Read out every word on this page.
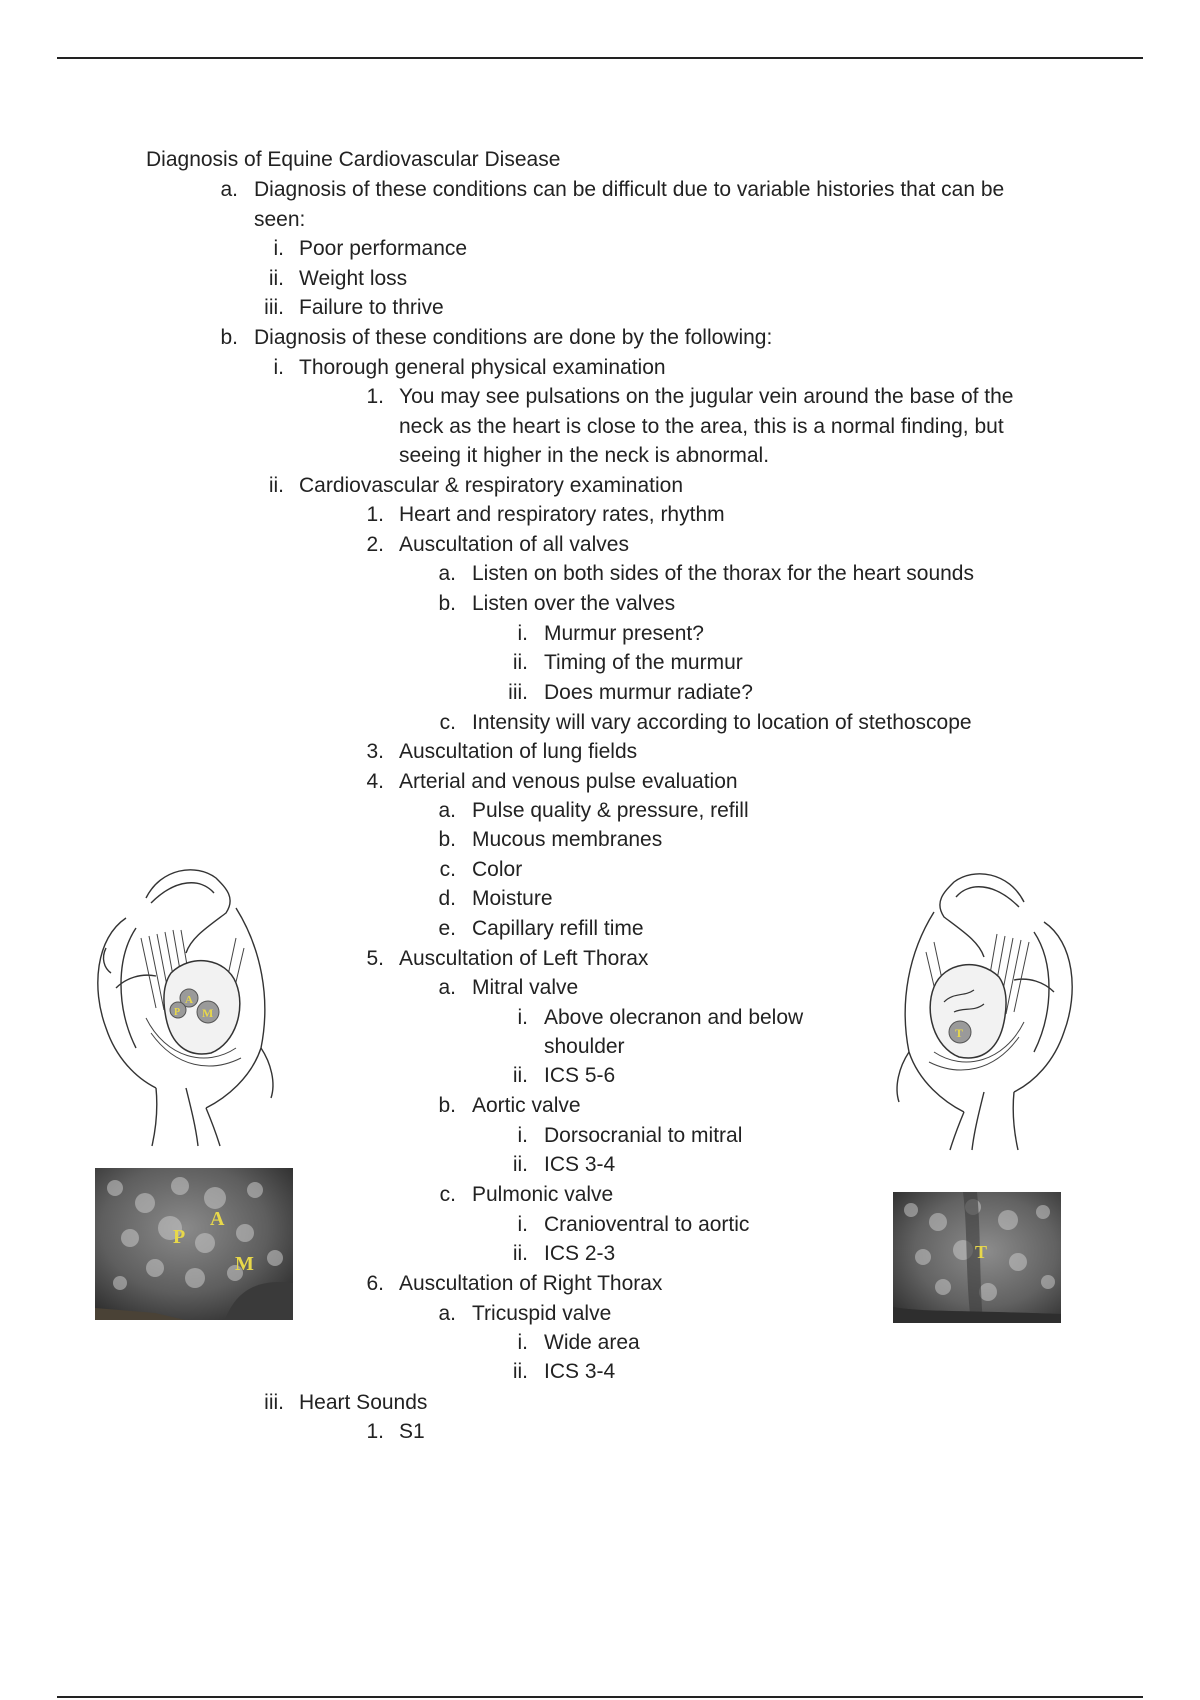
Diagnosis of Equine Cardiovascular Disease
a. Diagnosis of these conditions can be difficult due to variable histories that can be
seen:
i. Poor performance
ii. Weight loss
iii. Failure to thrive
b. Diagnosis of these conditions are done by the following:
i. Thorough general physical examination
1. You may see pulsations on the jugular vein around the base of the
neck as the heart is close to the area, this is a normal finding, but
seeing it higher in the neck is abnormal.
ii. Cardiovascular & respiratory examination
1. Heart and respiratory rates, rhythm
2. Auscultation of all valves
a. Listen on both sides of the thorax for the heart sounds
b. Listen over the valves
i. Murmur present?
ii. Timing of the murmur
iii. Does murmur radiate?
c. Intensity will vary according to location of stethoscope
3. Auscultation of lung fields
4. Arterial and venous pulse evaluation
a. Pulse quality & pressure, refill
b. Mucous membranes
c. Color
d. Moisture
e. Capillary refill time
5. Auscultation of Left Thorax
a. Mitral valve
i. Above olecranon and below
shoulder
ii. ICS 5-6
b. Aortic valve
i. Dorsocranial to mitral
ii. ICS 3-4
c. Pulmonic valve
i. Cranioventral to aortic
ii. ICS 2-3
6. Auscultation of Right Thorax
a. Tricuspid valve
i. Wide area
ii. ICS 3-4
iii. Heart Sounds
1. S1
A
P M
P
A
M
T
T
